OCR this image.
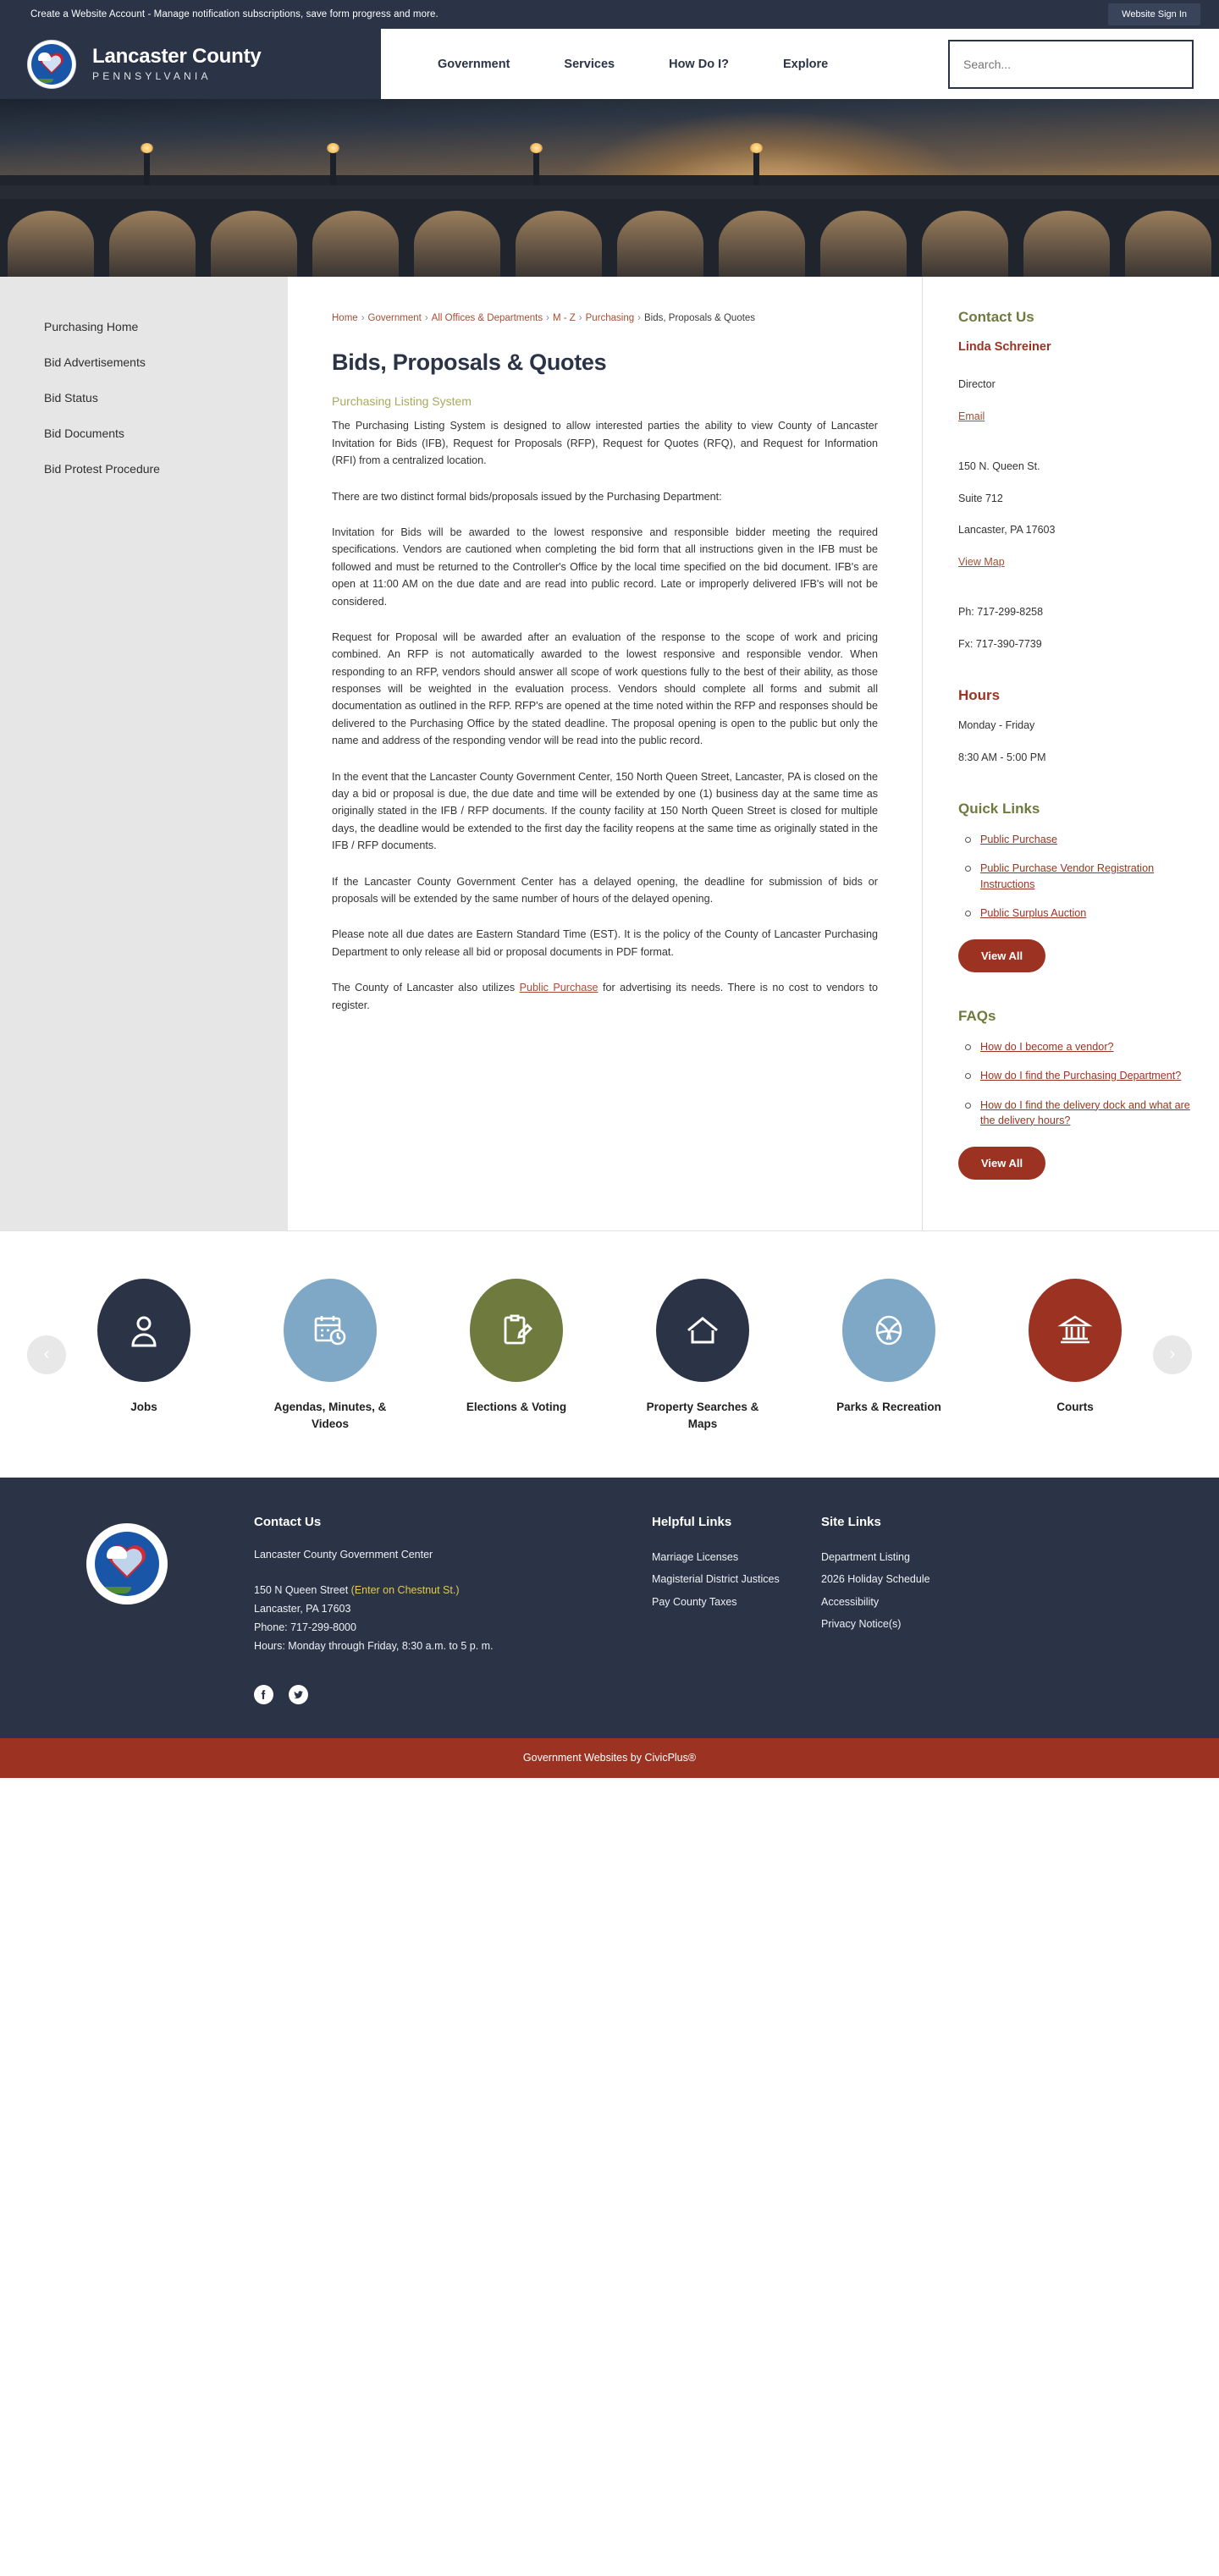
Create a Website Account - Manage notification subscriptions, save form progress and more.	Website Sign In
Lancaster County
PENNSYLVANIA
Government	Services	How Do I?	Explore
Search...
Purchasing Home
Bid Advertisements
Bid Status
Bid Documents
Bid Protest Procedure
Home › Government › All Offices & Departments › M - Z › Purchasing › Bids, Proposals & Quotes
Bids, Proposals & Quotes
Purchasing Listing System

The Purchasing Listing System is designed to allow interested parties the ability to view County of Lancaster Invitation for Bids (IFB), Request for Proposals (RFP), Request for Quotes (RFQ), and Request for Information (RFI) from a centralized location.

There are two distinct formal bids/proposals issued by the Purchasing Department:

Invitation for Bids will be awarded to the lowest responsive and responsible bidder meeting the required specifications. Vendors are cautioned when completing the bid form that all instructions given in the IFB must be followed and must be returned to the Controller's Office by the local time specified on the bid document. IFB's are open at 11:00 AM on the due date and are read into public record. Late or improperly delivered IFB's will not be considered.

Request for Proposal will be awarded after an evaluation of the response to the scope of work and pricing combined. An RFP is not automatically awarded to the lowest responsive and responsible vendor. When responding to an RFP, vendors should answer all scope of work questions fully to the best of their ability, as those responses will be weighted in the evaluation process. Vendors should complete all forms and submit all documentation as outlined in the RFP. RFP's are opened at the time noted within the RFP and responses should be delivered to the Purchasing Office by the stated deadline. The proposal opening is open to the public but only the name and address of the responding vendor will be read into the public record.

In the event that the Lancaster County Government Center, 150 North Queen Street, Lancaster, PA is closed on the day a bid or proposal is due, the due date and time will be extended by one (1) business day at the same time as originally stated in the IFB / RFP documents. If the county facility at 150 North Queen Street is closed for multiple days, the deadline would be extended to the first day the facility reopens at the same time as originally stated in the IFB / RFP documents.

If the Lancaster County Government Center has a delayed opening, the deadline for submission of bids or proposals will be extended by the same number of hours of the delayed opening.

Please note all due dates are Eastern Standard Time (EST). It is the policy of the County of Lancaster Purchasing Department to only release all bid or proposal documents in PDF format.

The County of Lancaster also utilizes Public Purchase for advertising its needs. There is no cost to vendors to register.

Contact Us
Linda Schreiner
Director
Email
150 N. Queen St.
Suite 712
Lancaster, PA 17603
View Map
Ph: 717-299-8258
Fx: 717-390-7739
Hours
Monday - Friday
8:30 AM - 5:00 PM
Quick Links
Public Purchase
Public Purchase Vendor Registration Instructions
Public Surplus Auction
View All
FAQs
How do I become a vendor?
How do I find the Purchasing Department?
How do I find the delivery dock and what are the delivery hours?
View All
‹
Jobs	Agendas, Minutes, & Videos
Elections & Voting	Property Searches & Maps
Parks & Recreation	Courts
›
Contact Us
Lancaster County Government Center
150 N Queen Street (Enter on Chestnut St.)
Lancaster, PA 17603
Phone: 717-299-8000
Hours: Monday through Friday, 8:30 a.m. to 5 p. m.
Helpful Links
Marriage Licenses
Magisterial District Justices
Pay County Taxes
Site Links
Department Listing
2026 Holiday Schedule
Accessibility
Privacy Notice(s)
Government Websites by CivicPlus®
